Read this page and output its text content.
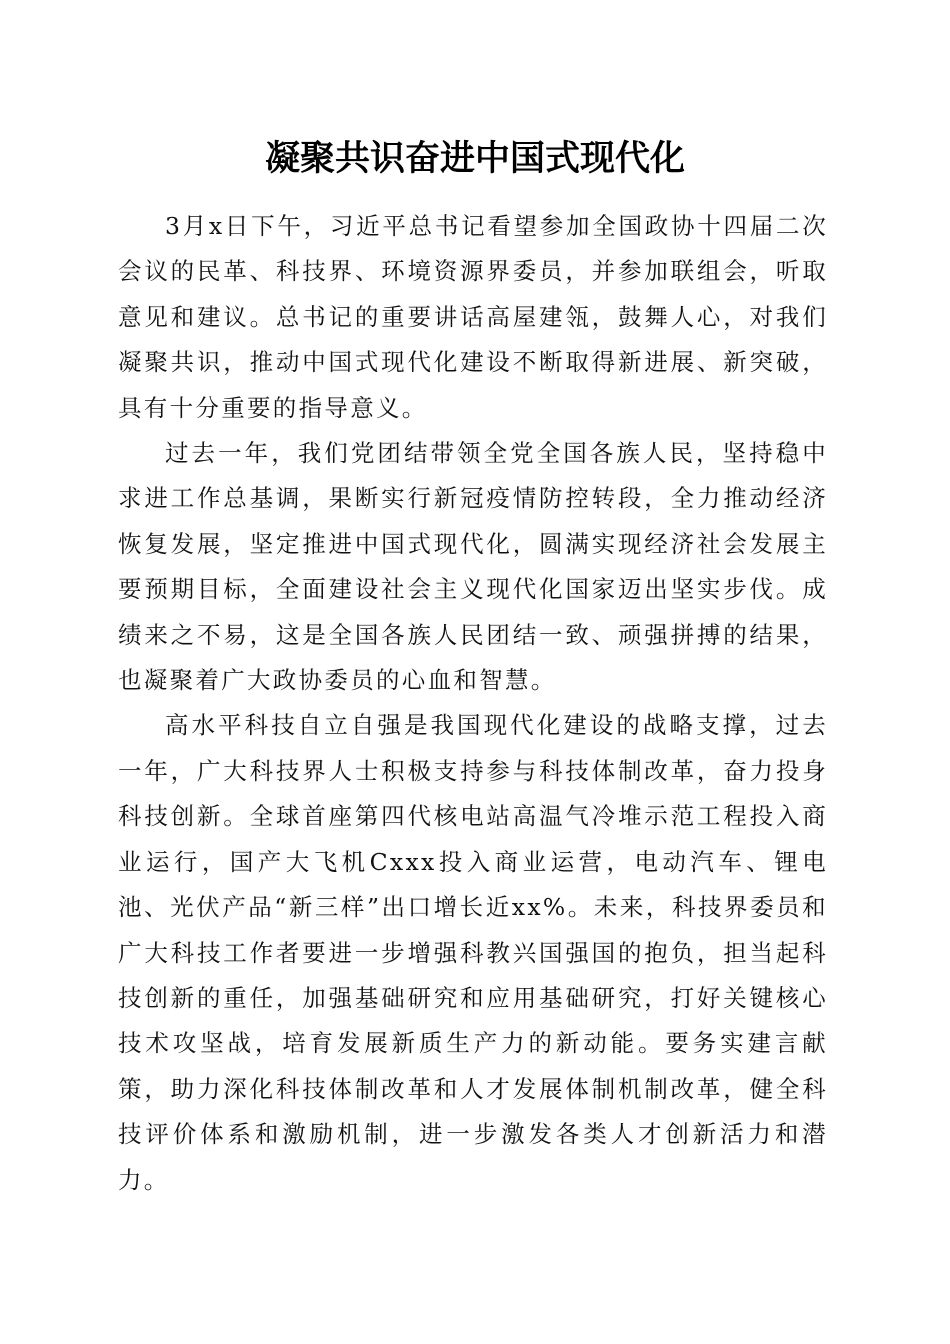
凝聚共识奋进中国式现代化

3月x日下午，习近平总书记看望参加全国政协十四届二次会议的民革、科技界、环境资源界委员，并参加联组会，听取意见和建议。总书记的重要讲话高屋建瓴，鼓舞人心，对我们凝聚共识，推动中国式现代化建设不断取得新进展、新突破，具有十分重要的指导意义。

过去一年，我们党团结带领全党全国各族人民，坚持稳中求进工作总基调，果断实行新冠疫情防控转段，全力推动经济恢复发展，坚定推进中国式现代化，圆满实现经济社会发展主要预期目标，全面建设社会主义现代化国家迈出坚实步伐。成绩来之不易，这是全国各族人民团结一致、顽强拼搏的结果，也凝聚着广大政协委员的心血和智慧。

高水平科技自立自强是我国现代化建设的战略支撑，过去一年，广大科技界人士积极支持参与科技体制改革，奋力投身科技创新。全球首座第四代核电站高温气冷堆示范工程投入商业运行，国产大飞机Cxxx投入商业运营，电动汽车、锂电池、光伏产品“新三样”出口增长近xx%。未来，科技界委员和广大科技工作者要进一步增强科教兴国强国的抱负，担当起科技创新的重任，加强基础研究和应用基础研究，打好关键核心技术攻坚战，培育发展新质生产力的新动能。要务实建言献策，助力深化科技体制改革和人才发展体制机制改革，健全科技评价体系和激励机制，进一步激发各类人才创新活力和潜力。
